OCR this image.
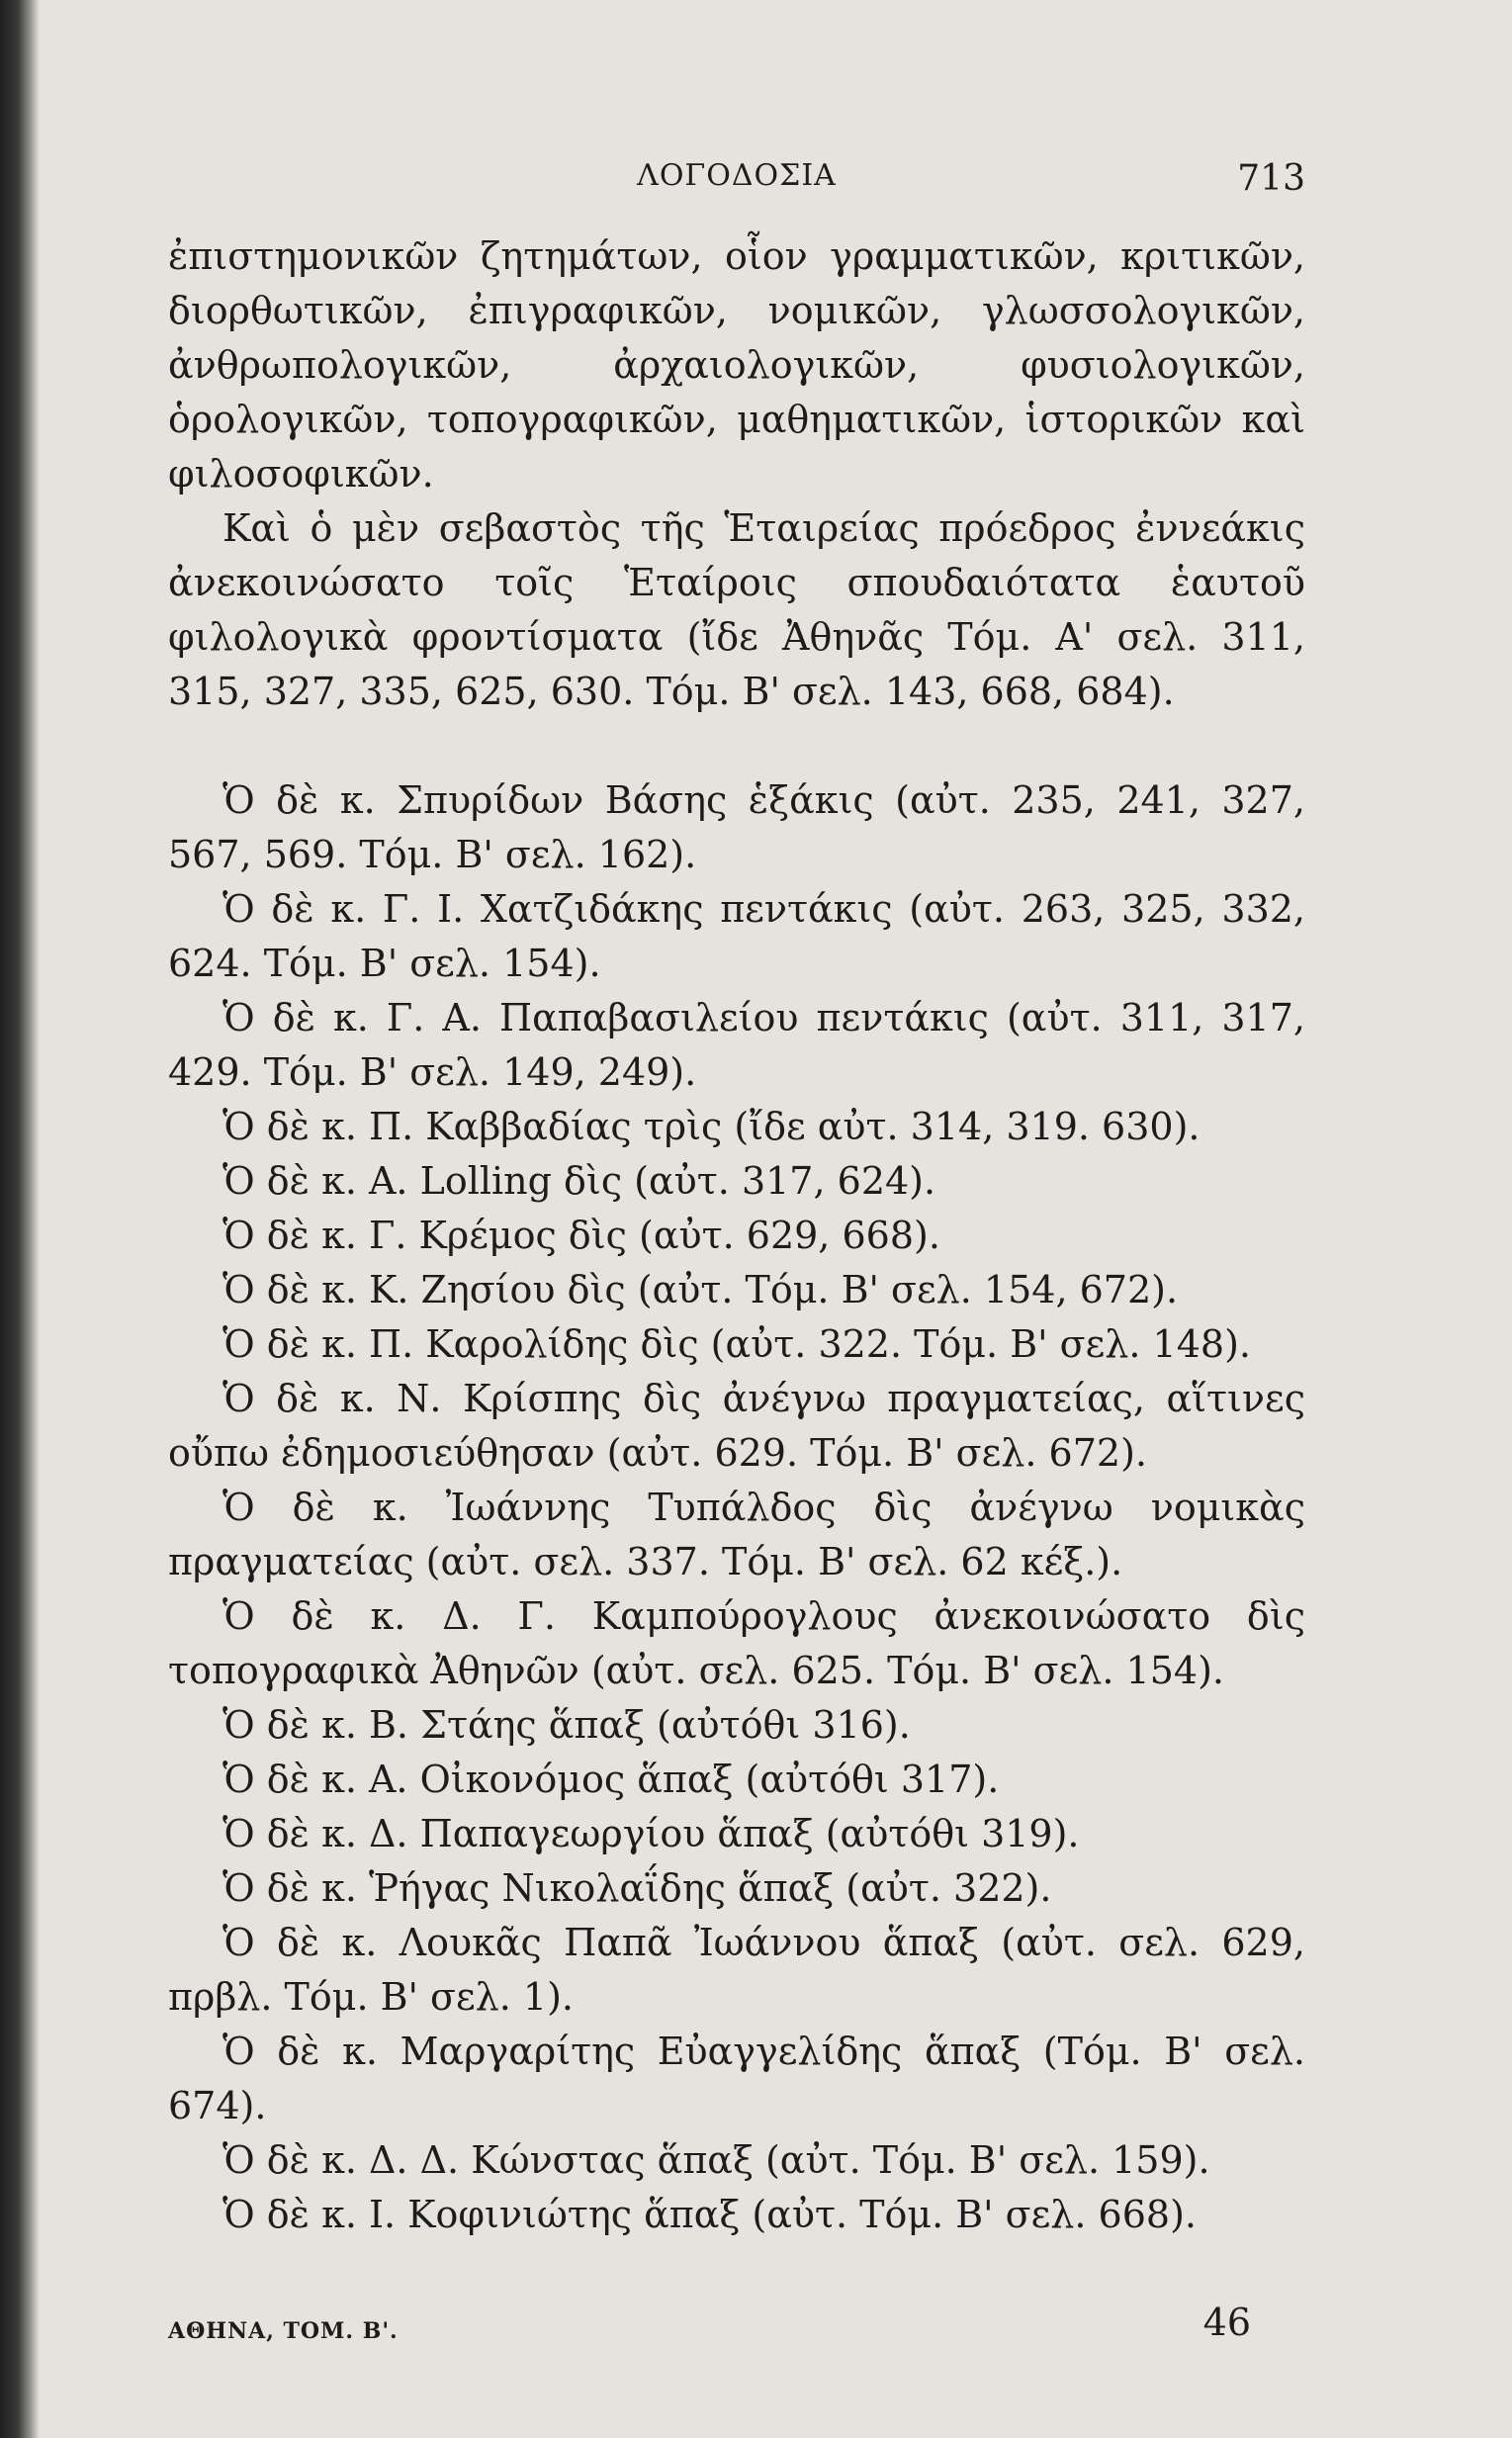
ΛΟΓΟΔΟΣΙΑ	713

ἐπιστημονικῶν ζητημάτων, οἷον γραμματικῶν, κριτικῶν, διορθωτικῶν, ἐπιγραφικῶν, νομικῶν, γλωσσολογικῶν, ἀνθρωπολογικῶν, ἀρχαιολογικῶν, φυσιολογικῶν, ὁρολογικῶν, τοπογραφικῶν, μαθηματικῶν, ἱστορικῶν καὶ φιλοσοφικῶν.

Καὶ ὁ μὲν σεβαστὸς τῆς Ἑταιρείας πρόεδρος ἐννεάκις ἀνεκοινώσατο τοῖς Ἑταίροις σπουδαιότατα ἑαυτοῦ φιλολογικὰ φροντίσματα (ἴδε Ἀθηνᾶς Τόμ. Α' σελ. 311, 315, 327, 335, 625, 630. Τόμ. Β' σελ. 143, 668, 684).

Ὁ δὲ κ. Σπυρίδων Βάσης ἑξάκις (αὐτ. 235, 241, 327, 567, 569. Τόμ. Β' σελ. 162).

Ὁ δὲ κ. Γ. Ι. Χατζιδάκης πεντάκις (αὐτ. 263, 325, 332, 624. Τόμ. Β' σελ. 154).

Ὁ δὲ κ. Γ. Α. Παπαβασιλείου πεντάκις (αὐτ. 311, 317, 429. Τόμ. Β' σελ. 149, 249).

Ὁ δὲ κ. Π. Καββαδίας τρὶς (ἴδε αὐτ. 314, 319. 630).

Ὁ δὲ κ. Α. Lolling δὶς (αὐτ. 317, 624).

Ὁ δὲ κ. Γ. Κρέμος δὶς (αὐτ. 629, 668).

Ὁ δὲ κ. Κ. Ζησίου δὶς (αὐτ. Τόμ. Β' σελ. 154, 672).

Ὁ δὲ κ. Π. Καρολίδης δὶς (αὐτ. 322. Τόμ. Β' σελ. 148).

Ὁ δὲ κ. Ν. Κρίσπης δὶς ἀνέγνω πραγματείας, αἵτινες οὔπω ἐδημοσιεύθησαν (αὐτ. 629. Τόμ. Β' σελ. 672).

Ὁ δὲ κ. Ἰωάννης Τυπάλδος δὶς ἀνέγνω νομικὰς πραγματείας (αὐτ. σελ. 337. Τόμ. Β' σελ. 62 κέξ.).

Ὁ δὲ κ. Δ. Γ. Καμπούρογλους ἀνεκοινώσατο δὶς τοπογραφικὰ Ἀθηνῶν (αὐτ. σελ. 625. Τόμ. Β' σελ. 154).

Ὁ δὲ κ. Β. Στάης ἅπαξ (αὐτόθι 316).

Ὁ δὲ κ. Α. Οἰκονόμος ἅπαξ (αὐτόθι 317).

Ὁ δὲ κ. Δ. Παπαγεωργίου ἅπαξ (αὐτόθι 319).

Ὁ δὲ κ. Ῥήγας Νικολαΐδης ἅπαξ (αὐτ. 322).

Ὁ δὲ κ. Λουκᾶς Παπᾶ Ἰωάννου ἅπαξ (αὐτ. σελ. 629, πρβλ. Τόμ. Β' σελ. 1).

Ὁ δὲ κ. Μαργαρίτης Εὐαγγελίδης ἅπαξ (Τόμ. Β' σελ. 674).

Ὁ δὲ κ. Δ. Δ. Κώνστας ἅπαξ (αὐτ. Τόμ. Β' σελ. 159).

Ὁ δὲ κ. Ι. Κοφινιώτης ἅπαξ (αὐτ. Τόμ. Β' σελ. 668).

ΑΘΗΝΑ, ΤΟΜ. Β'.	46
